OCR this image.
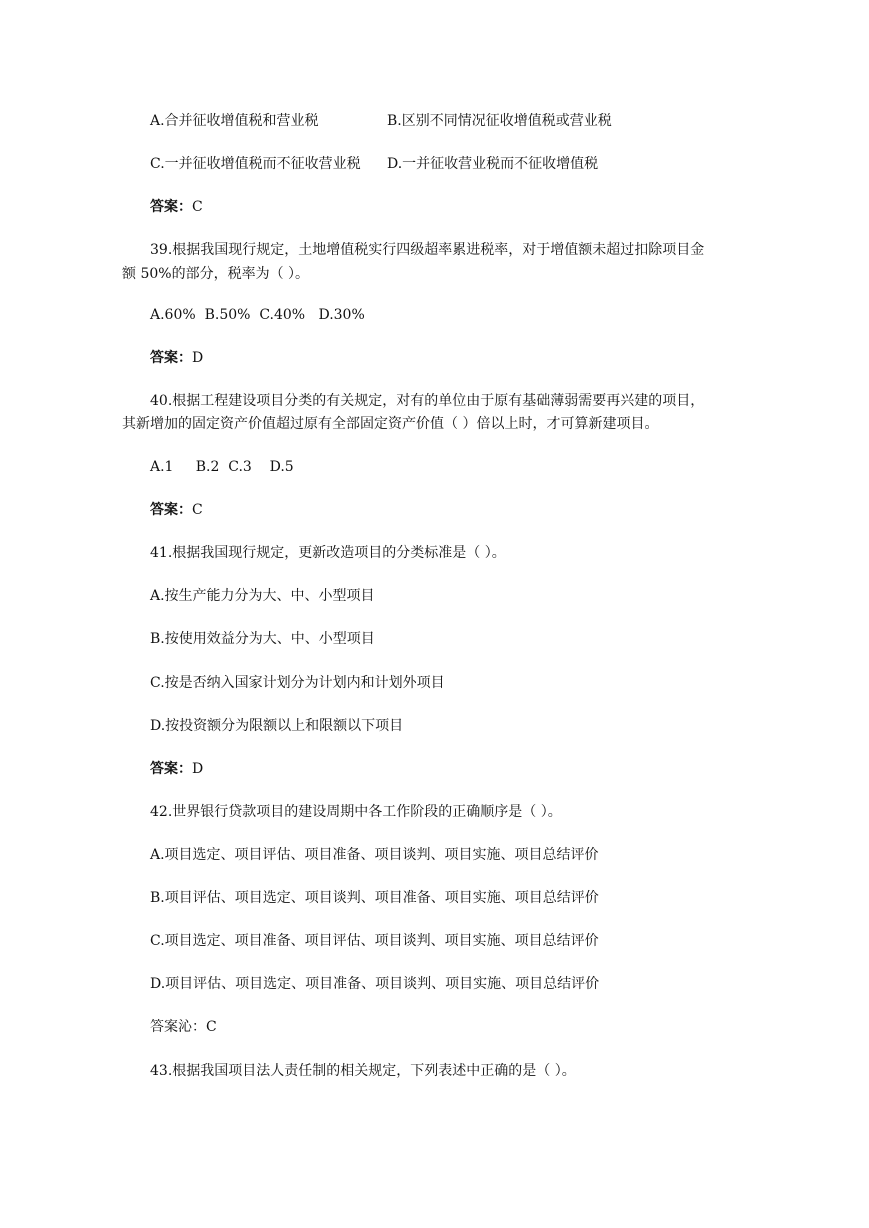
A.合并征收增值税和营业税	B.区别不同情况征收增值税或营业税
C.一并征收增值税而不征收营业税 D.一并征收营业税而不征收增值税
答案：C
39.根据我国现行规定，土地增值税实行四级超率累进税率，对于增值额未超过扣除项目金
额 50%的部分，税率为（ ）。
A.60%  B.50%  C.40%   D.30%
答案：D
40.根据工程建设项目分类的有关规定，对有的单位由于原有基础薄弱需要再兴建的项目，
其新增加的固定资产价值超过原有全部固定资产价值（ ）倍以上时，才可算新建项目。
A.1     B.2  C.3    D.5
答案：C
41.根据我国现行规定，更新改造项目的分类标准是（ ）。
A.按生产能力分为大、中、小型项目
B.按使用效益分为大、中、小型项目
C.按是否纳入国家计划分为计划内和计划外项目
D.按投资额分为限额以上和限额以下项目
答案：D
42.世界银行贷款项目的建设周期中各工作阶段的正确顺序是（ ）。
A.项目选定、项目评估、项目准备、项目谈判、项目实施、项目总结评价
B.项目评估、项目选定、项目谈判、项目准备、项目实施、项目总结评价
C.项目选定、项目准备、项目评估、项目谈判、项目实施、项目总结评价
D.项目评估、项目选定、项目准备、项目谈判、项目实施、项目总结评价
答案沁：C
43.根据我国项目法人责任制的相关规定，下列表述中正确的是（ ）。
